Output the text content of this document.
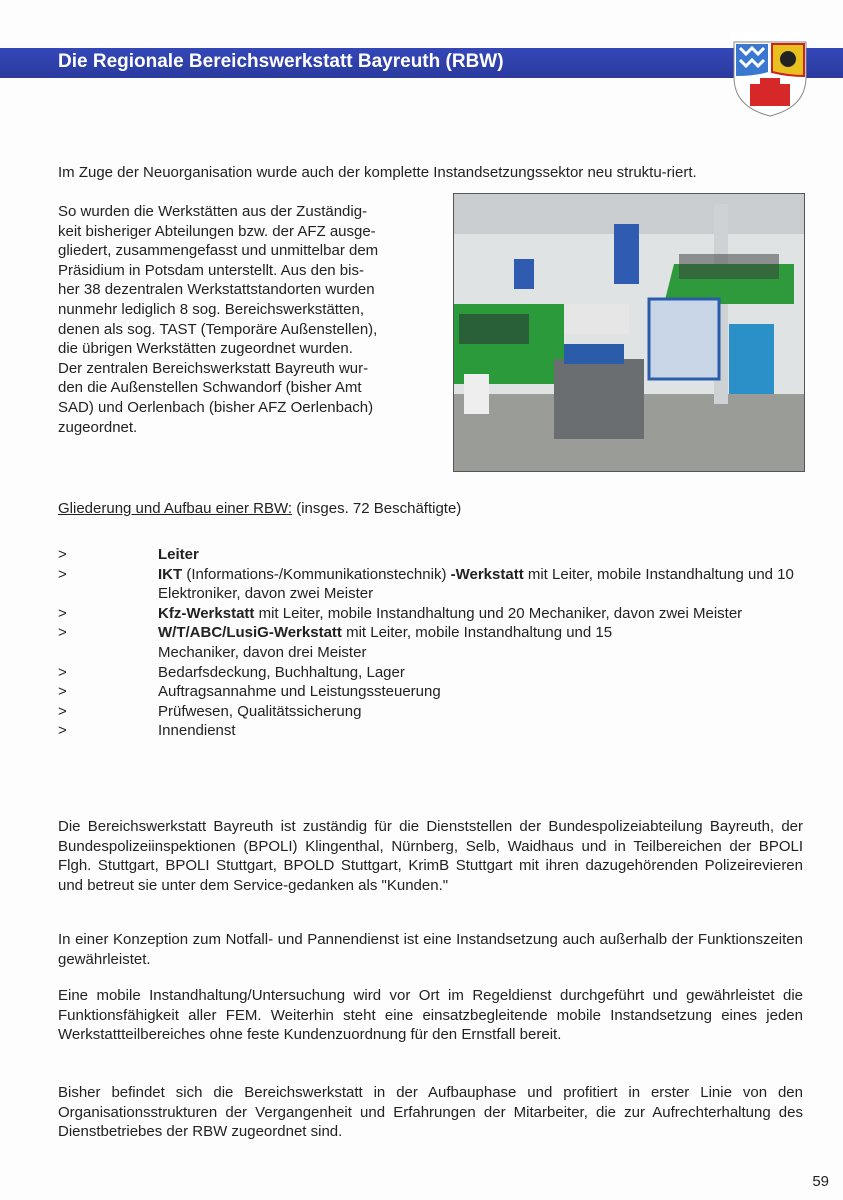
Die Regionale Bereichswerkstatt Bayreuth (RBW)
Im Zuge der Neuorganisation wurde auch der komplette Instandsetzungssektor neu struktu-riert.
So wurden die Werkstätten aus der Zuständig-
keit bisheriger Abteilungen bzw. der AFZ ausge-
gliedert, zusammengefasst und unmittelbar dem
Präsidium in Potsdam unterstellt. Aus den bis-
her 38 dezentralen Werkstattstandorten wurden
nunmehr lediglich 8 sog. Bereichswerkstätten,
denen als sog. TAST (Temporäre Außenstellen),
die übrigen Werkstätten zugeordnet wurden.
Der zentralen Bereichswerkstatt Bayreuth wur-
den die Außenstellen Schwandorf (bisher Amt
SAD) und Oerlenbach (bisher AFZ Oerlenbach)
zugeordnet.
Gliederung und Aufbau einer RBW: (insges. 72 Beschäftigte)
>	Leiter
>	IKT (Informations-/Kommunikationstechnik) -Werkstatt mit Leiter, mobile Instandhaltung und 10 Elektroniker, davon zwei Meister
>	Kfz-Werkstatt mit Leiter, mobile Instandhaltung und 20 Mechaniker, davon zwei Meister
>	W/T/ABC/LusiG-Werkstatt mit Leiter, mobile Instandhaltung und 15 Mechaniker, davon drei Meister
>	Bedarfsdeckung, Buchhaltung, Lager
>	Auftragsannahme und Leistungssteuerung
>	Prüfwesen, Qualitätssicherung
>	Innendienst
Die Bereichswerkstatt Bayreuth ist zuständig für die Dienststellen der Bundespolizeiabteilung Bayreuth, der Bundespolizeiinspektionen (BPOLI) Klingenthal, Nürnberg, Selb, Waidhaus und in Teilbereichen der BPOLI Flgh. Stuttgart, BPOLI Stuttgart, BPOLD Stuttgart, KrimB Stuttgart mit ihren dazugehörenden Polizeirevieren und betreut sie unter dem Service-gedanken als "Kunden."
In einer Konzeption zum Notfall- und Pannendienst ist eine Instandsetzung auch außerhalb der Funktionszeiten gewährleistet.
Eine mobile Instandhaltung/Untersuchung wird vor Ort im Regeldienst durchgeführt und gewährleistet die Funktionsfähigkeit aller FEM. Weiterhin steht eine einsatzbegleitende mobile Instandsetzung eines jeden Werkstattteilbereiches ohne feste Kundenzuordnung für den Ernstfall bereit.
Bisher befindet sich die Bereichswerkstatt in der Aufbauphase und profitiert in erster Linie von den Organisationsstrukturen der Vergangenheit und Erfahrungen der Mitarbeiter, die zur Aufrechterhaltung des Dienstbetriebes der RBW zugeordnet sind.
59
